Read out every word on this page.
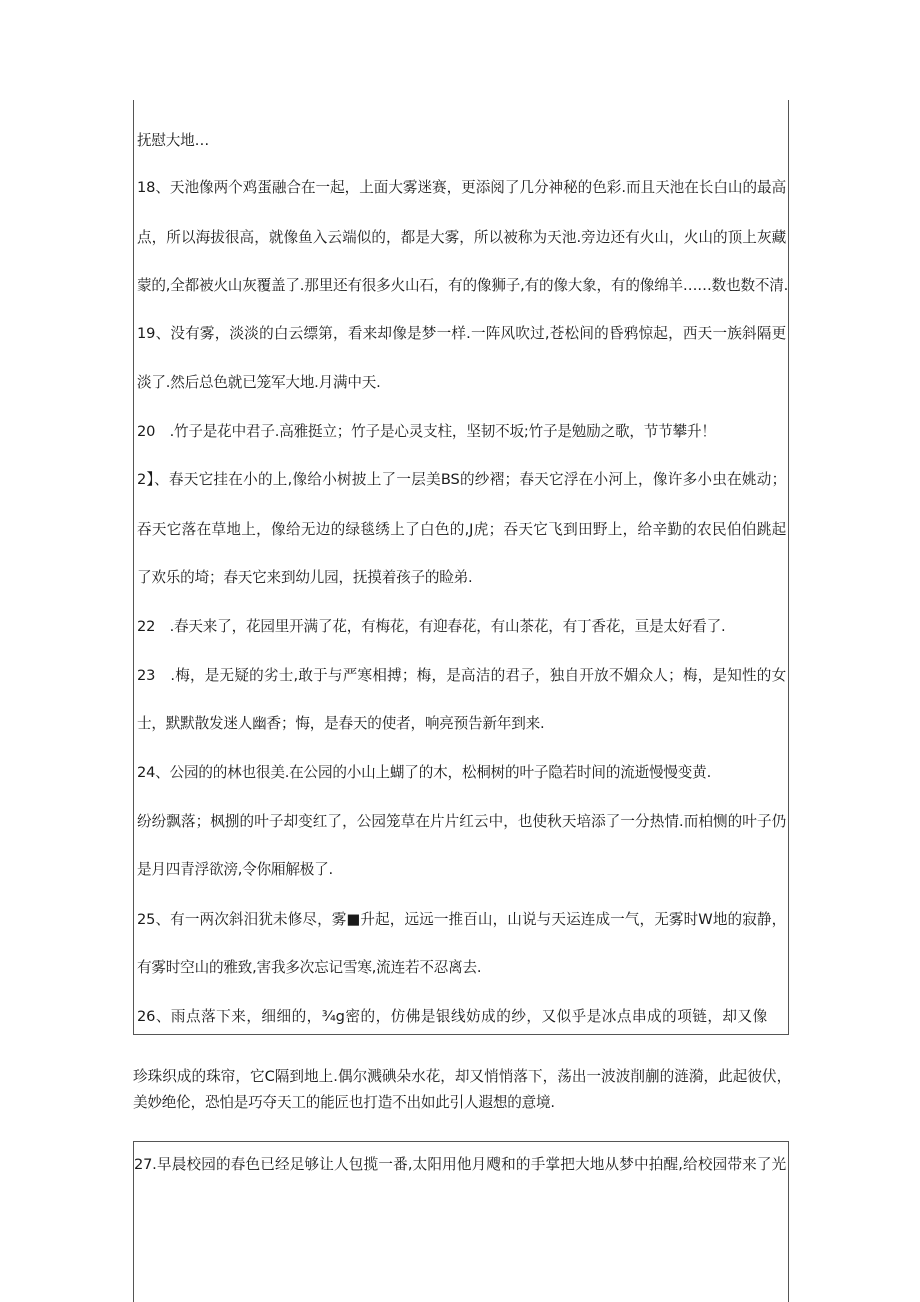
抚慰大地…
18、天池像两个鸡蛋融合在一起，上面大雾迷赛，更添阅了几分神秘的色彩.而且天池在长白山的最高
点，所以海拔很高，就像鱼入云端似的，都是大雾，所以被称为天池.旁边还有火山，火山的顶上灰藏
蒙的,全都被火山灰覆盖了.那里还有很多火山石，有的像狮子,有的像大象，有的像绵羊……数也数不清.
19、没有雾，淡淡的白云缥第，看来却像是梦一样.一阵风吹过,苍松间的昏鸦惊起，西天一族斜隔更
淡了.然后总色就已笼军大地.月满中天.
20　.竹子是花中君子.高雅挺立；竹子是心灵支柱，坚韧不坂;竹子是勉励之歌，节节攀升！
2】、春天它挂在小的上,像给小树披上了一层美BS的纱褶；春天它浮在小河上，像许多小虫在姚动；
吞天它落在草地上，像给无边的绿毯绣上了白色的,J虎；吞天它飞到田野上，给辛勤的农民伯伯跳起
了欢乐的埼；春天它来到幼儿园，抚摸着孩子的睑弟.
22　.春天来了，花园里开满了花，有梅花，有迎春花，有山茶花，有丁香花，亘是太好看了.
23　.梅，是无疑的劣士,敢于与严寒相搏；梅，是高洁的君子，独自开放不媚众人；梅，是知性的女
士，默默散发迷人幽香；悔，是春天的使者，响亮预告新年到来.
24、公园的的林也很美.在公园的小山上蝴了的木，松桐树的叶子隐若时间的流逝慢慢变黄.
纷纷飘落；枫捌的叶子却变红了，公园笼草在片片红云中，也使秋天培添了一分热情.而柏恻的叶子仍
是月四青浮欲滂,令你厢解极了.
25、有一两次斜汨犹未修尽，雾■升起，远远一推百山，山说与天运连成一气，无雾时W地的寂静，
有雾时空山的雅致,害我多次忘记雪寒,流连若不忍离去.
26、雨点落下来，细细的，¾g密的，仿佛是银线妨成的纱，又似乎是冰点串成的项链，却又像
珍珠织成的珠帘，它C隔到地上.偶尔溅碘朵水花，却又悄悄落下，荡出一波波削蒯的涟漪，此起彼伏，
美妙绝伦，恐怕是巧夺天工的能匠也打造不出如此引人遐想的意境.
27.早晨校园的春色已经足够让人包揽一番,太阳用他月飕和的手掌把大地从梦中拍醒,给校园带来了光
